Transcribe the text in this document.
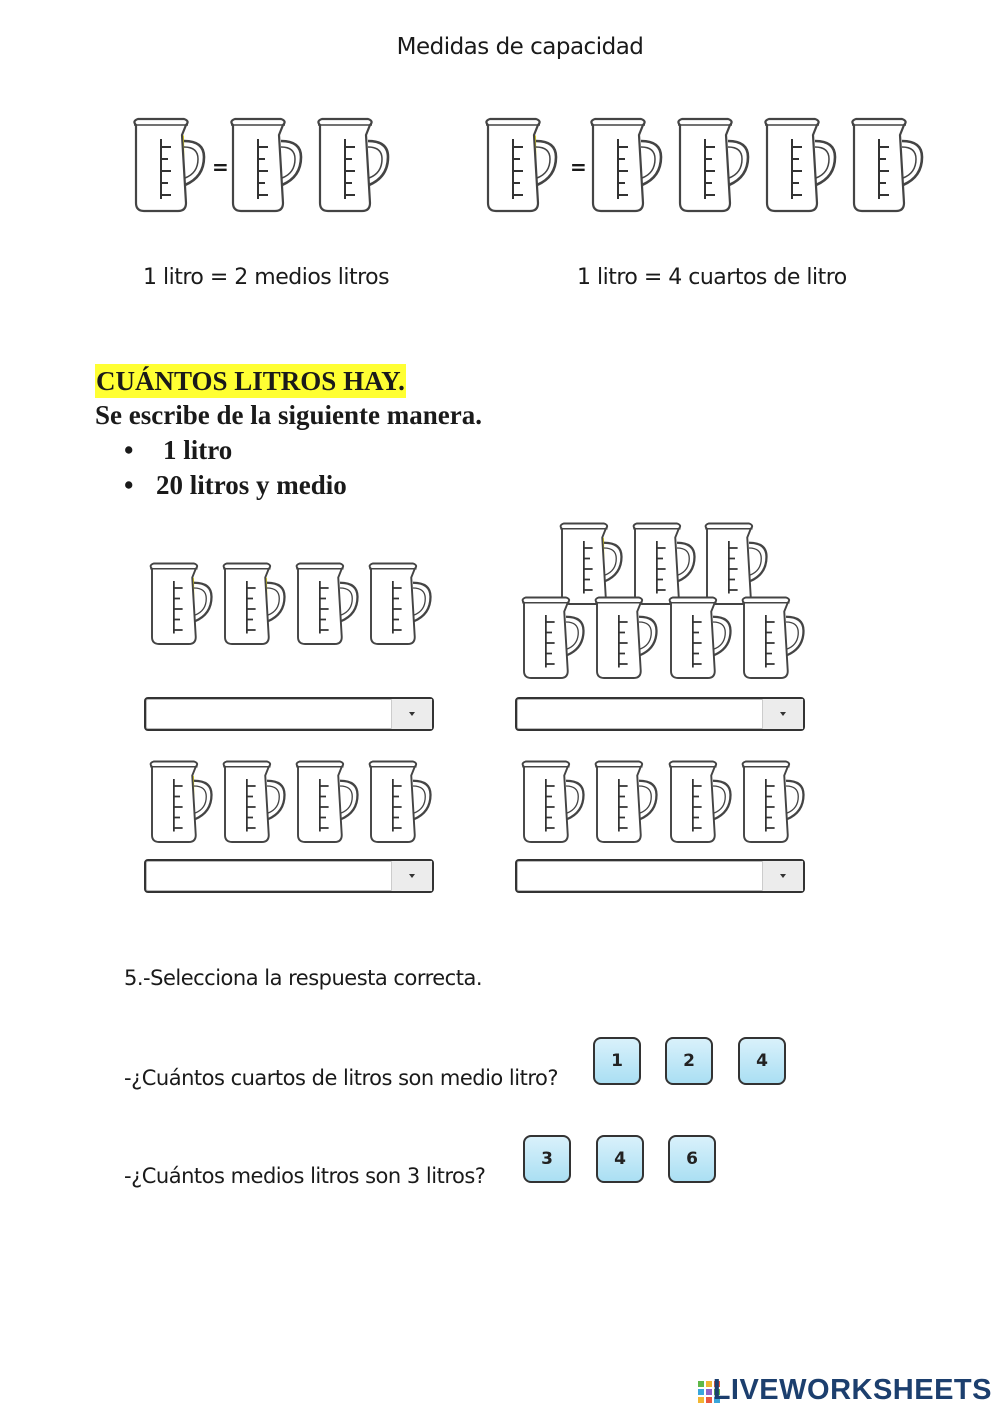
Medidas de capacidad
=	=
1 litro = 2 medios litros	1 litro = 4 cuartos de litro
CUÁNTOS LITROS HAY.
Se escribe de la siguiente manera.
• 1 litro
• 20 litros y medio
5.-Selecciona la respuesta correcta.
-¿Cuántos cuartos de litros son medio litro?
1	2	4
-¿Cuántos medios litros son 3 litros?
3	4	6
LIVEWORKSHEETS
